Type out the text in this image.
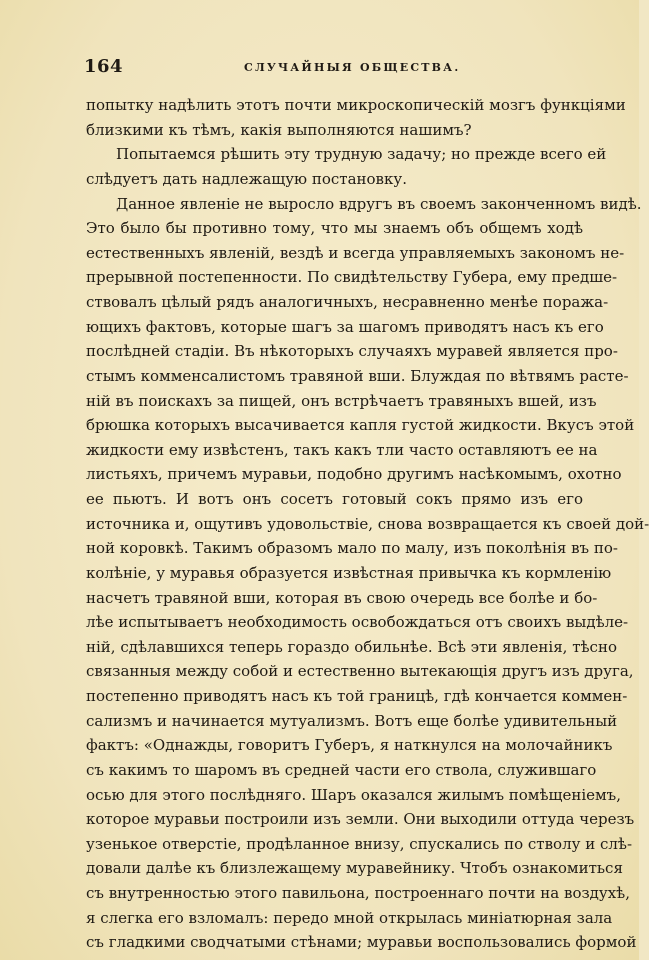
164	СЛУЧАЙНЫЯ ОБЩЕСТВА.
попытку надѣлить этотъ почти микроскопическій мозгъ функціями
близкими къ тѣмъ, какія выполняются нашимъ?
Попытаемся рѣшить эту трудную задачу; но прежде всего ей
слѣдуетъ дать надлежащую постановку.
Данное явленіе не выросло вдругъ въ своемъ законченномъ видѣ.
Это было бы противно тому, что мы знаемъ объ общемъ ходѣ
естественныхъ явленій, вездѣ и всегда управляемыхъ закономъ не-
прерывной постепенности. По свидѣтельству Губера, ему предше-
ствовалъ цѣлый рядъ аналогичныхъ, несравненно менѣе поража-
ющихъ фактовъ, которые шагъ за шагомъ приводятъ насъ къ его
послѣдней стадіи. Въ нѣкоторыхъ случаяхъ муравей является про-
стымъ комменсалистомъ травяной вши. Блуждая по вѣтвямъ расте-
ній въ поискахъ за пищей, онъ встрѣчаетъ травяныхъ вшей, изъ
брюшка которыхъ высачивается капля густой жидкости. Вкусъ этой
жидкости ему извѣстенъ, такъ какъ тли часто оставляютъ ее на
листьяхъ, причемъ муравьи, подобно другимъ насѣкомымъ, охотно
ее пьютъ. И вотъ онъ сосетъ готовый сокъ прямо изъ его
источника и, ощутивъ удовольствіе, снова возвращается къ своей дой-
ной коровкѣ. Такимъ образомъ мало по малу, изъ поколѣнія въ по-
колѣніе, у муравья образуется извѣстная привычка къ кормленію
насчетъ травяной вши, которая въ свою очередь все болѣе и бо-
лѣе испытываетъ необходимость освобождаться отъ своихъ выдѣле-
ній, сдѣлавшихся теперь гораздо обильнѣе. Всѣ эти явленія, тѣсно
связанныя между собой и естественно вытекающія другъ изъ друга,
постепенно приводятъ насъ къ той границѣ, гдѣ кончается коммен-
сализмъ и начинается мутуализмъ. Вотъ еще болѣе удивительный
фактъ: «Однажды, говоритъ Губеръ, я наткнулся на молочайникъ
съ какимъ то шаромъ въ средней части его ствола, служившаго
осью для этого послѣдняго. Шаръ оказался жилымъ помѣщеніемъ,
которое муравьи построили изъ земли. Они выходили оттуда черезъ
узенькое отверстіе, продѣланное внизу, спускались по стволу и слѣ-
довали далѣе къ близлежащему муравейнику. Чтобъ ознакомиться
съ внутренностью этого павильона, построеннаго почти на воздухѣ,
я слегка его взломалъ: передо мной открылась миніатюрная зала
съ гладкими сводчатыми стѣнами; муравьи воспользовались формой
